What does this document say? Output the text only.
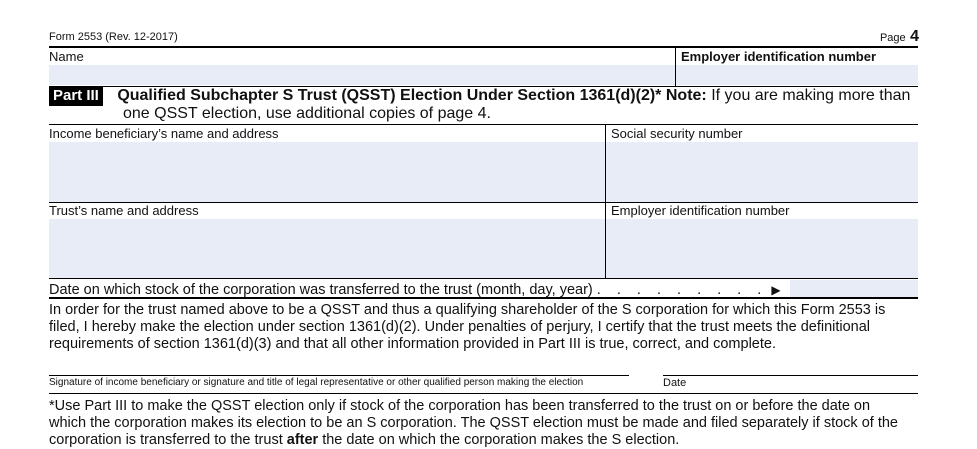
Form 2553 (Rev. 12-2017)	Page 4
Name	Employer identification number
Part III Qualified Subchapter S Trust (QSST) Election Under Section 1361(d)(2)* Note: If you are making more than
one QSST election, use additional copies of page 4.
Income beneficiary’s name and address	Social security number
Trust’s name and address	Employer identification number
Date on which stock of the corporation was transferred to the trust (month, day, year) . . . . . . . . . ▶
In order for the trust named above to be a QSST and thus a qualifying shareholder of the S corporation for which this Form 2553 is
filed, I hereby make the election under section 1361(d)(2). Under penalties of perjury, I certify that the trust meets the definitional
requirements of section 1361(d)(3) and that all other information provided in Part III is true, correct, and complete.
Signature of income beneficiary or signature and title of legal representative or other qualified person making the election	Date
*Use Part III to make the QSST election only if stock of the corporation has been transferred to the trust on or before the date on
which the corporation makes its election to be an S corporation. The QSST election must be made and filed separately if stock of the
corporation is transferred to the trust after the date on which the corporation makes the S election.
